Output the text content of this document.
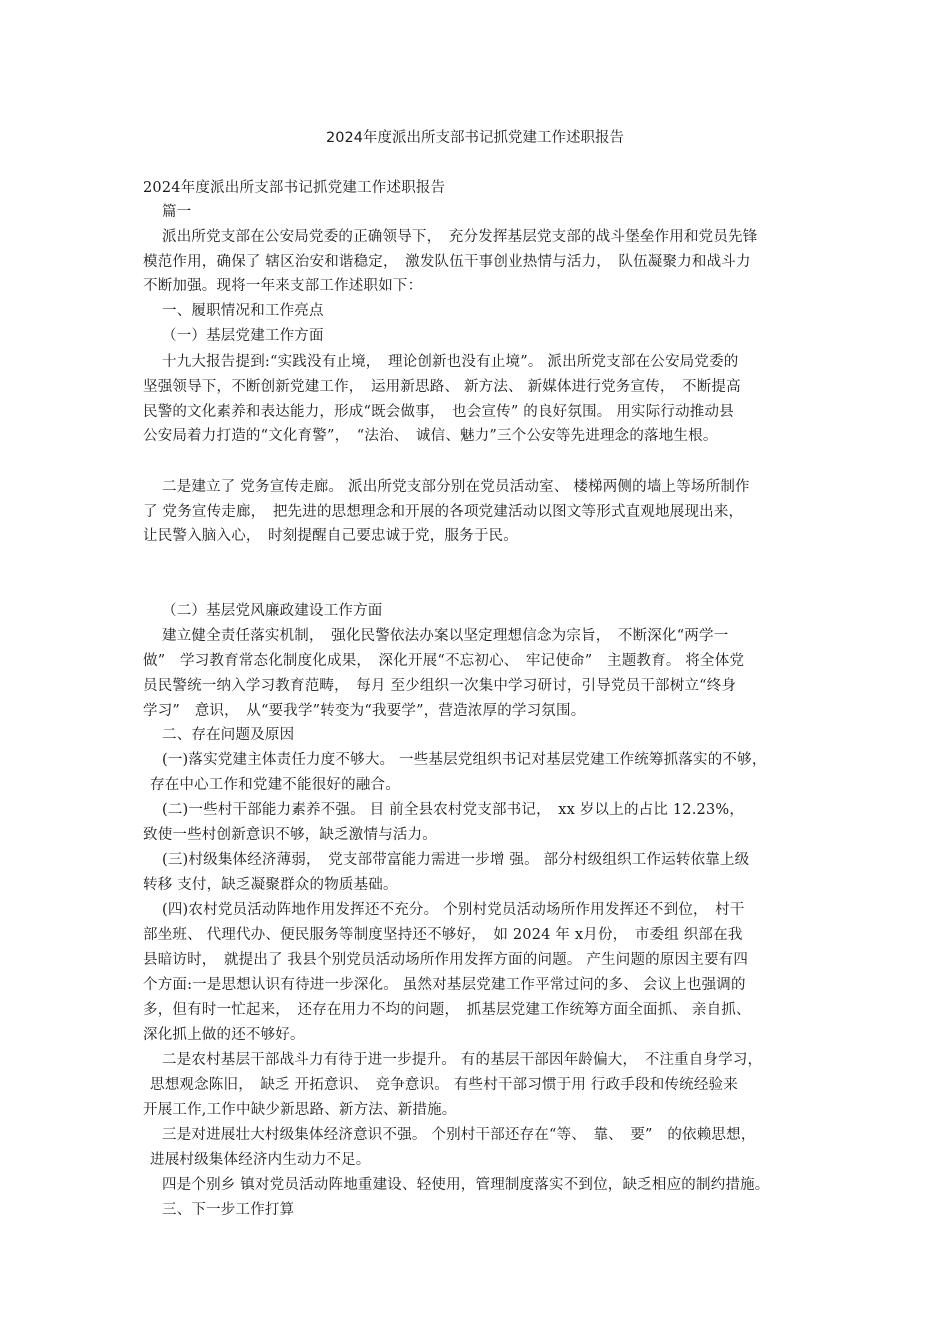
2024年度派出所支部书记抓党建工作述职报告
2024年度派出所支部书记抓党建工作述职报告
篇一
派出所党支部在公安局党委的正确领导下，　充分发挥基层党支部的战斗堡垒作用和党员先锋
模范作用，确保了 辖区治安和谐稳定，　激发队伍干事创业热情与活力，　队伍凝聚力和战斗力
不断加强。现将一年来支部工作述职如下：
一、履职情况和工作亮点
（一）基层党建工作方面
十九大报告提到:“实践没有止境，　理论创新也没有止境”。 派出所党支部在公安局党委的
坚强领导下，不断创新党建工作，　运用新思路、 新方法、 新媒体进行党务宣传，　不断提高
民警的文化素养和表达能力，形成“既会做事，　也会宣传” 的良好氛围。 用实际行动推动县
公安局着力打造的“文化育警”，　“法治、　诚信、魅力”三个公安等先进理念的落地生根。
二是建立了 党务宣传走廊。 派出所党支部分别在党员活动室、 楼梯两侧的墙上等场所制作
了 党务宣传走廊，　把先进的思想理念和开展的各项党建活动以图文等形式直观地展现出来，
让民警入脑入心，　时刻提醒自己要忠诚于党，服务于民。
（二）基层党风廉政建设工作方面
建立健全责任落实机制，　强化民警依法办案以坚定理想信念为宗旨，　不断深化“两学一
做”　学习教育常态化制度化成果，　深化开展“不忘初心、　牢记使命”　主题教育。 将全体党
员民警统一纳入学习教育范畴，　每月 至少组织一次集中学习研讨，引导党员干部树立“终身
学习”　意识，　从“要我学”转变为“我要学”，营造浓厚的学习氛围。
二、存在问题及原因
(一)落实党建主体责任力度不够大。 一些基层党组织书记对基层党建工作统筹抓落实的不够，
存在中心工作和党建不能很好的融合。
(二)一些村干部能力素养不强。 目 前全县农村党支部书记，　xx 岁以上的占比 12.23%，
致使一些村创新意识不够，缺乏激情与活力。
(三)村级集体经济薄弱，　党支部带富能力需进一步增 强。 部分村级组织工作运转依靠上级
转移 支付，缺乏凝聚群众的物质基础。
(四)农村党员活动阵地作用发挥还不充分。 个别村党员活动场所作用发挥还不到位，　村干
部坐班、 代理代办、便民服务等制度坚持还不够好，　如 2024 年 x月份，　市委组 织部在我
县暗访时，　就提出了 我县个别党员活动场所作用发挥方面的问题。 产生问题的原因主要有四
个方面:一是思想认识有待进一步深化。 虽然对基层党建工作平常过问的多、 会议上也强调的
多，但有时一忙起来，　还存在用力不均的问题，　抓基层党建工作统筹方面全面抓、 亲自抓、
深化抓上做的还不够好。
二是农村基层干部战斗力有待于进一步提升。 有的基层干部因年龄偏大，　不注重自身学习，
思想观念陈旧，　缺乏 开拓意识、　竞争意识。 有些村干部习惯于用 行政手段和传统经验来
开展工作,工作中缺少新思路、新方法、新措施。
三是对进展壮大村级集体经济意识不强。 个别村干部还存在“等、　靠、　要”　的依赖思想，
进展村级集体经济内生动力不足。
四是个别乡 镇对党员活动阵地重建设、轻使用，管理制度落实不到位，缺乏相应的制约措施。
三、下一步工作打算
